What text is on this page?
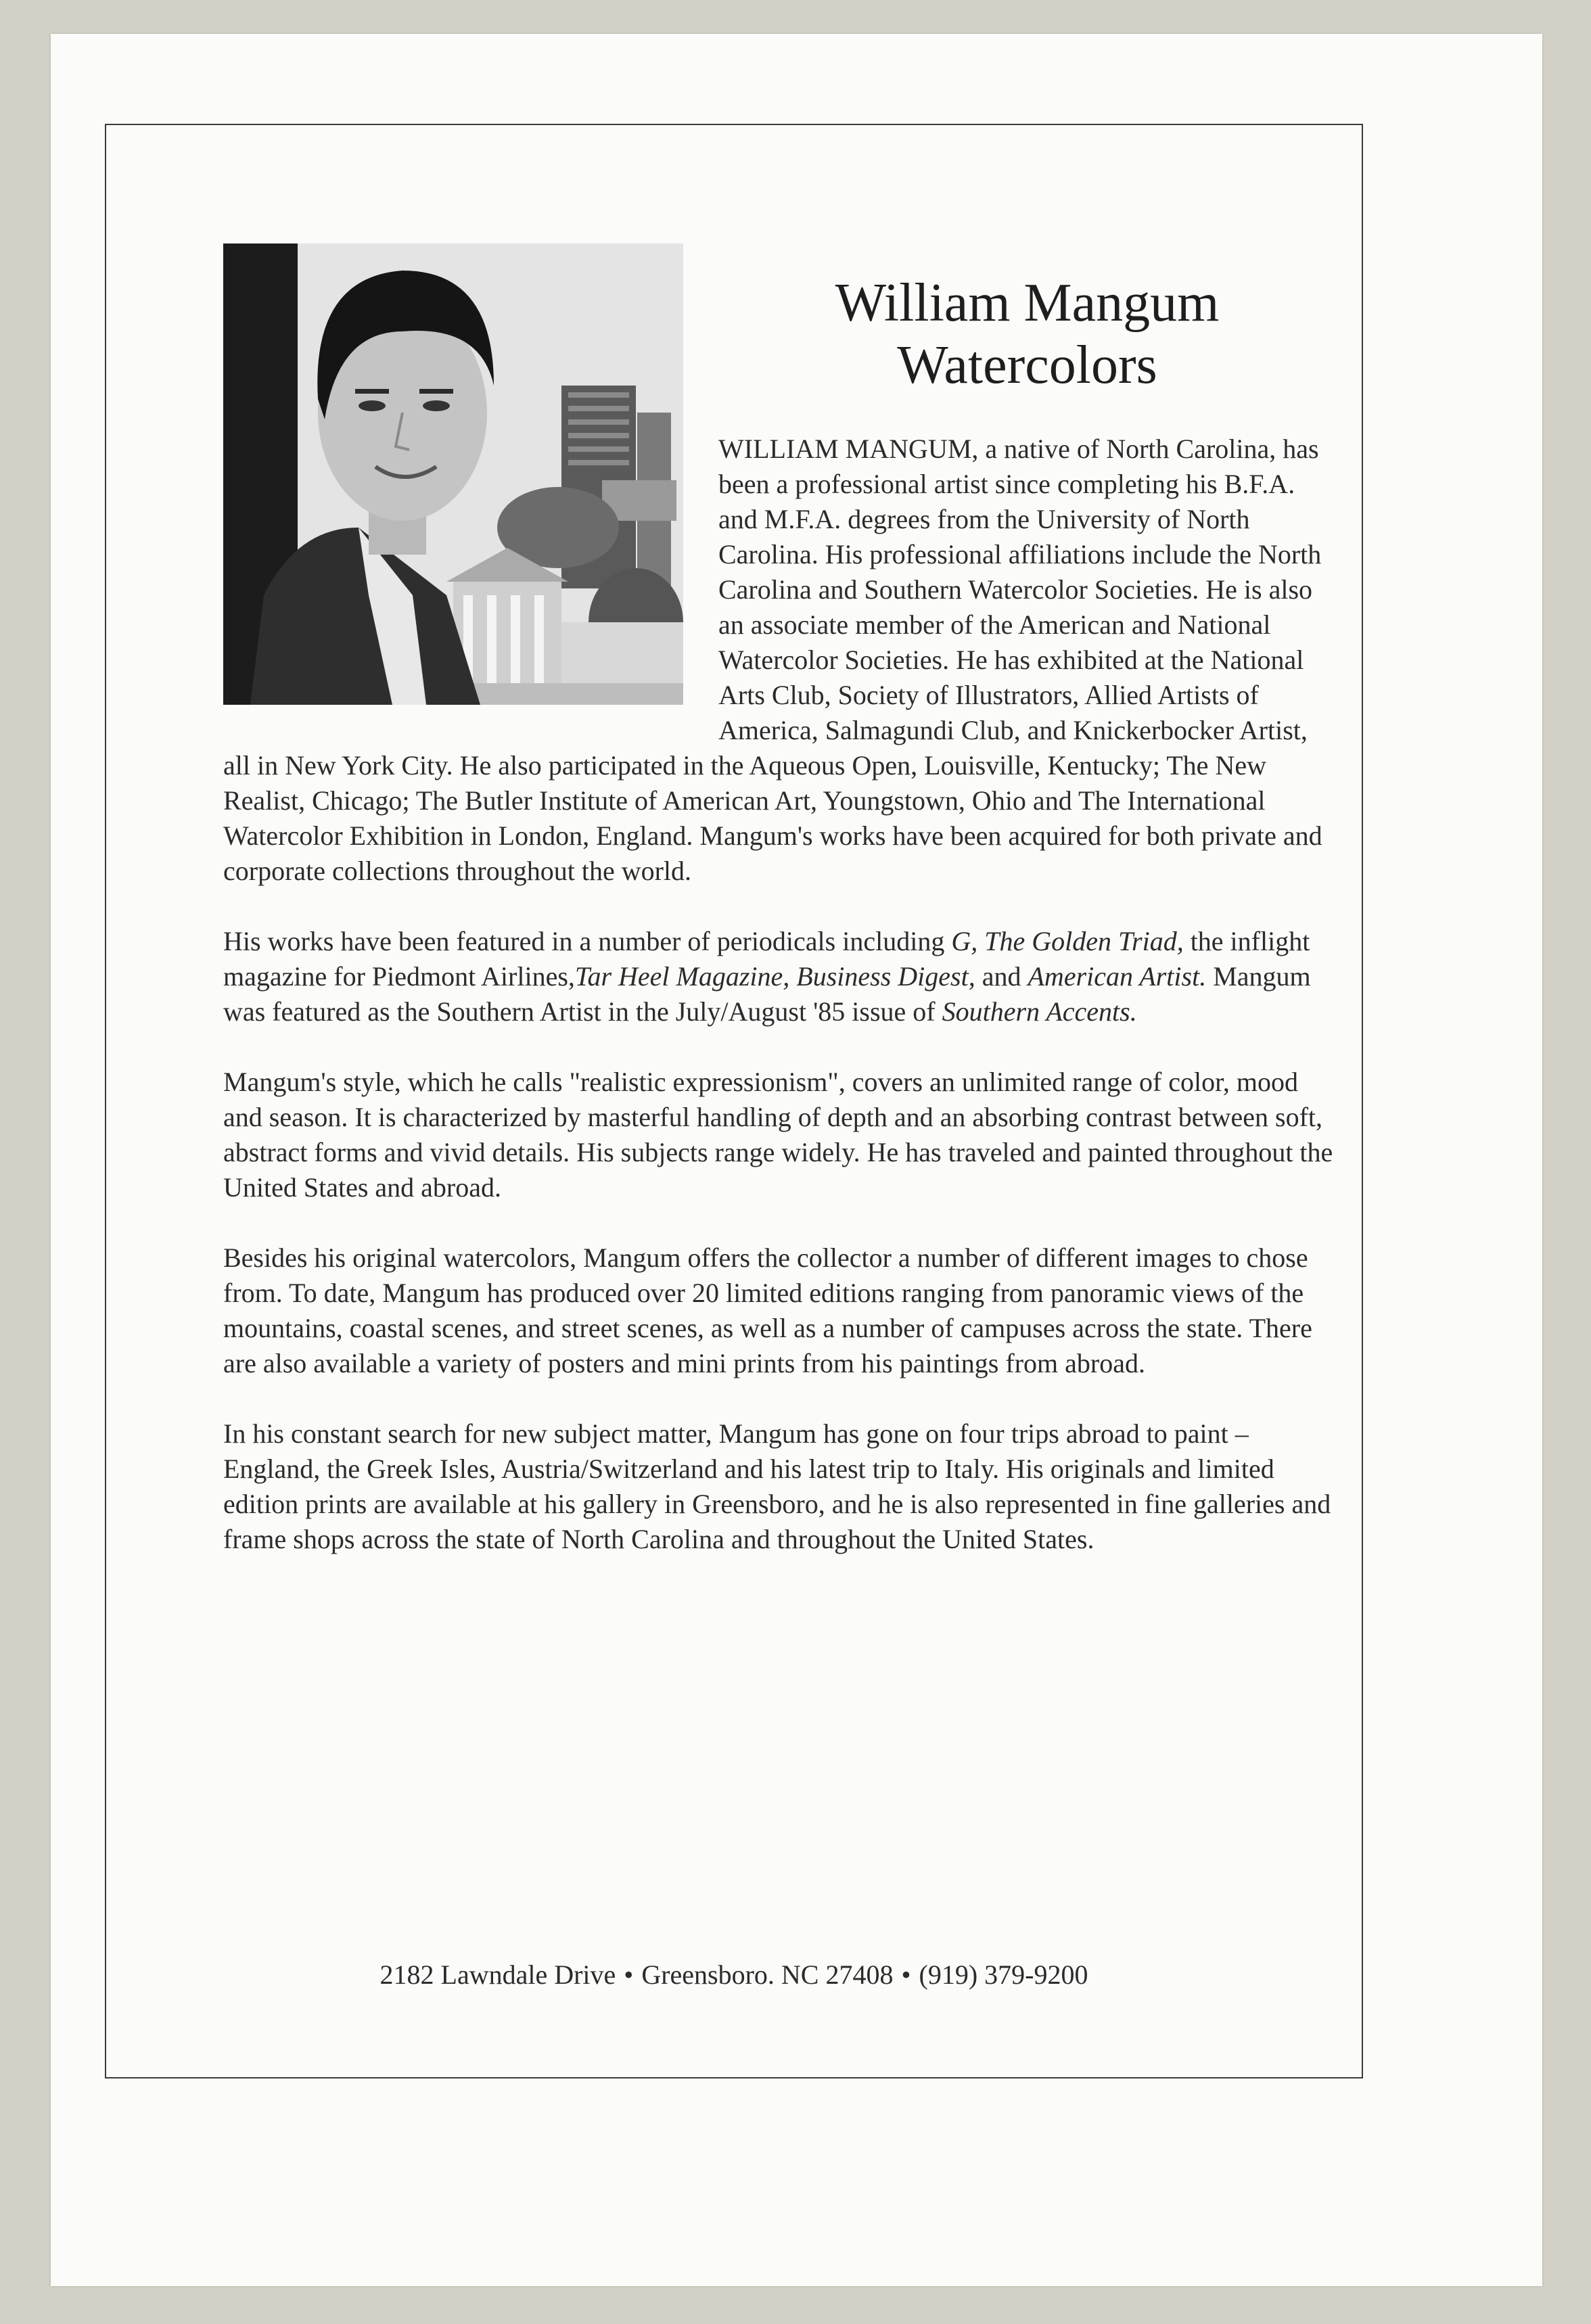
William Mangum
Watercolors

WILLIAM MANGUM, a native of North Carolina, has been a professional artist since completing his B.F.A. and M.F.A. degrees from the University of North Carolina. His professional affiliations include the North Carolina and Southern Watercolor Societies. He is also an associate member of the American and National Watercolor Societies. He has exhibited at the National Arts Club, Society of Illustrators, Allied Artists of America, Salmagundi Club, and Knickerbocker Artist, all in New York City. He also participated in the Aqueous Open, Louisville, Kentucky; The New Realist, Chicago; The Butler Institute of American Art, Youngstown, Ohio and The International Watercolor Exhibition in London, England. Mangum's works have been acquired for both private and corporate collections throughout the world.

His works have been featured in a number of periodicals including G, The Golden Triad, the inflight magazine for Piedmont Airlines,Tar Heel Magazine, Business Digest, and American Artist. Mangum was featured as the Southern Artist in the July/August '85 issue of Southern Accents.

Mangum's style, which he calls "realistic expressionism", covers an unlimited range of color, mood and season. It is characterized by masterful handling of depth and an absorbing contrast between soft, abstract forms and vivid details. His subjects range widely. He has traveled and painted throughout the United States and abroad.

Besides his original watercolors, Mangum offers the collector a number of different images to chose from. To date, Mangum has produced over 20 limited editions ranging from panoramic views of the mountains, coastal scenes, and street scenes, as well as a number of campuses across the state. There are also available a variety of posters and mini prints from his paintings from abroad.

In his constant search for new subject matter, Mangum has gone on four trips abroad to paint – England, the Greek Isles, Austria/Switzerland and his latest trip to Italy. His originals and limited edition prints are available at his gallery in Greensboro, and he is also represented in fine galleries and frame shops across the state of North Carolina and throughout the United States.

2182 Lawndale Drive • Greensboro. NC 27408 • (919) 379-9200
